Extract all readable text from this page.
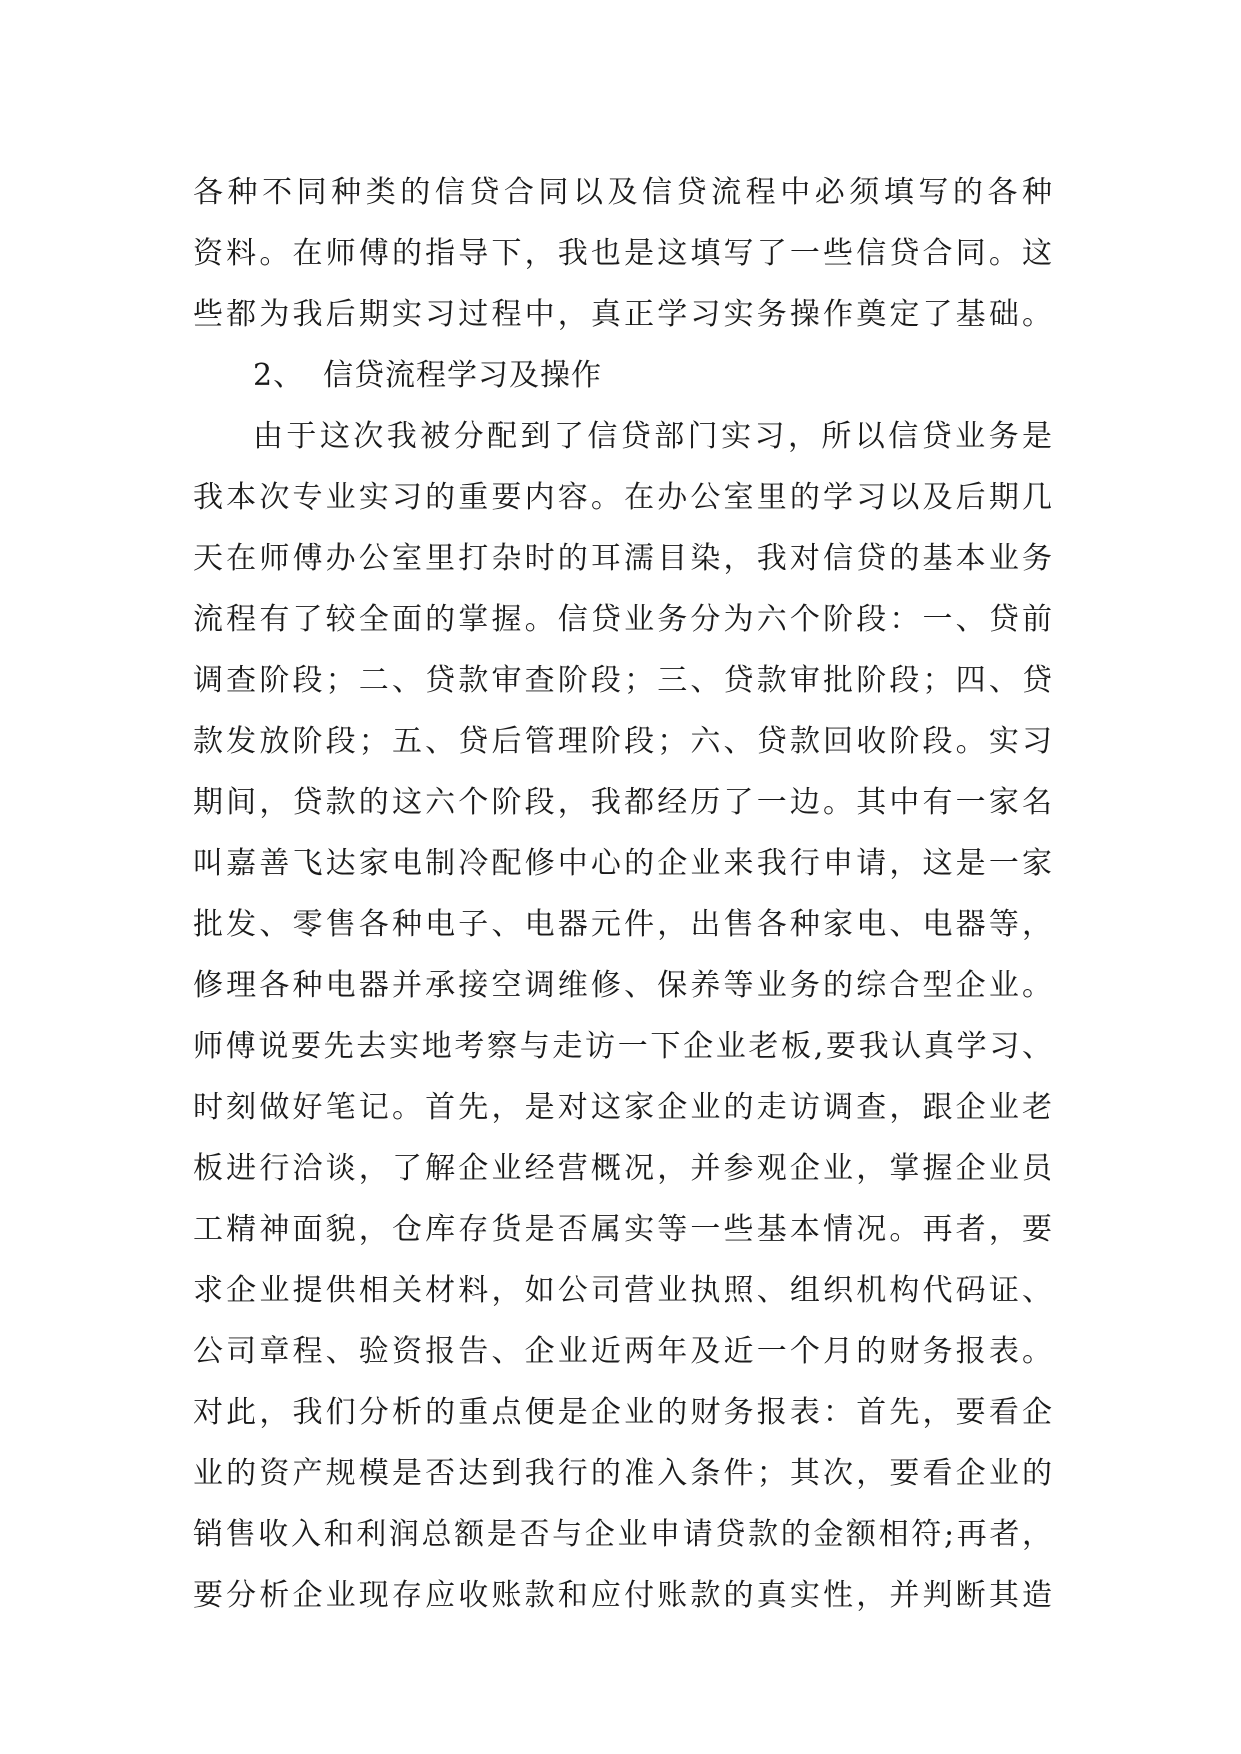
各种不同种类的信贷合同以及信贷流程中必须填写的各种
资料。在师傅的指导下，我也是这填写了一些信贷合同。这
些都为我后期实习过程中，真正学习实务操作奠定了基础。
2、 信贷流程学习及操作
由于这次我被分配到了信贷部门实习，所以信贷业务是
我本次专业实习的重要内容。在办公室里的学习以及后期几
天在师傅办公室里打杂时的耳濡目染，我对信贷的基本业务
流程有了较全面的掌握。信贷业务分为六个阶段：一、贷前
调查阶段；二、贷款审查阶段；三、贷款审批阶段；四、贷
款发放阶段；五、贷后管理阶段；六、贷款回收阶段。实习
期间，贷款的这六个阶段，我都经历了一边。其中有一家名
叫嘉善飞达家电制冷配修中心的企业来我行申请，这是一家
批发、零售各种电子、电器元件，出售各种家电、电器等，
修理各种电器并承接空调维修、保养等业务的综合型企业。
师傅说要先去实地考察与走访一下企业老板,要我认真学习、
时刻做好笔记。首先，是对这家企业的走访调查，跟企业老
板进行洽谈，了解企业经营概况，并参观企业，掌握企业员
工精神面貌，仓库存货是否属实等一些基本情况。再者，要
求企业提供相关材料，如公司营业执照、组织机构代码证、
公司章程、验资报告、企业近两年及近一个月的财务报表。
对此，我们分析的重点便是企业的财务报表：首先，要看企
业的资产规模是否达到我行的准入条件；其次，要看企业的
销售收入和利润总额是否与企业申请贷款的金额相符;再者，
要分析企业现存应收账款和应付账款的真实性，并判断其造
